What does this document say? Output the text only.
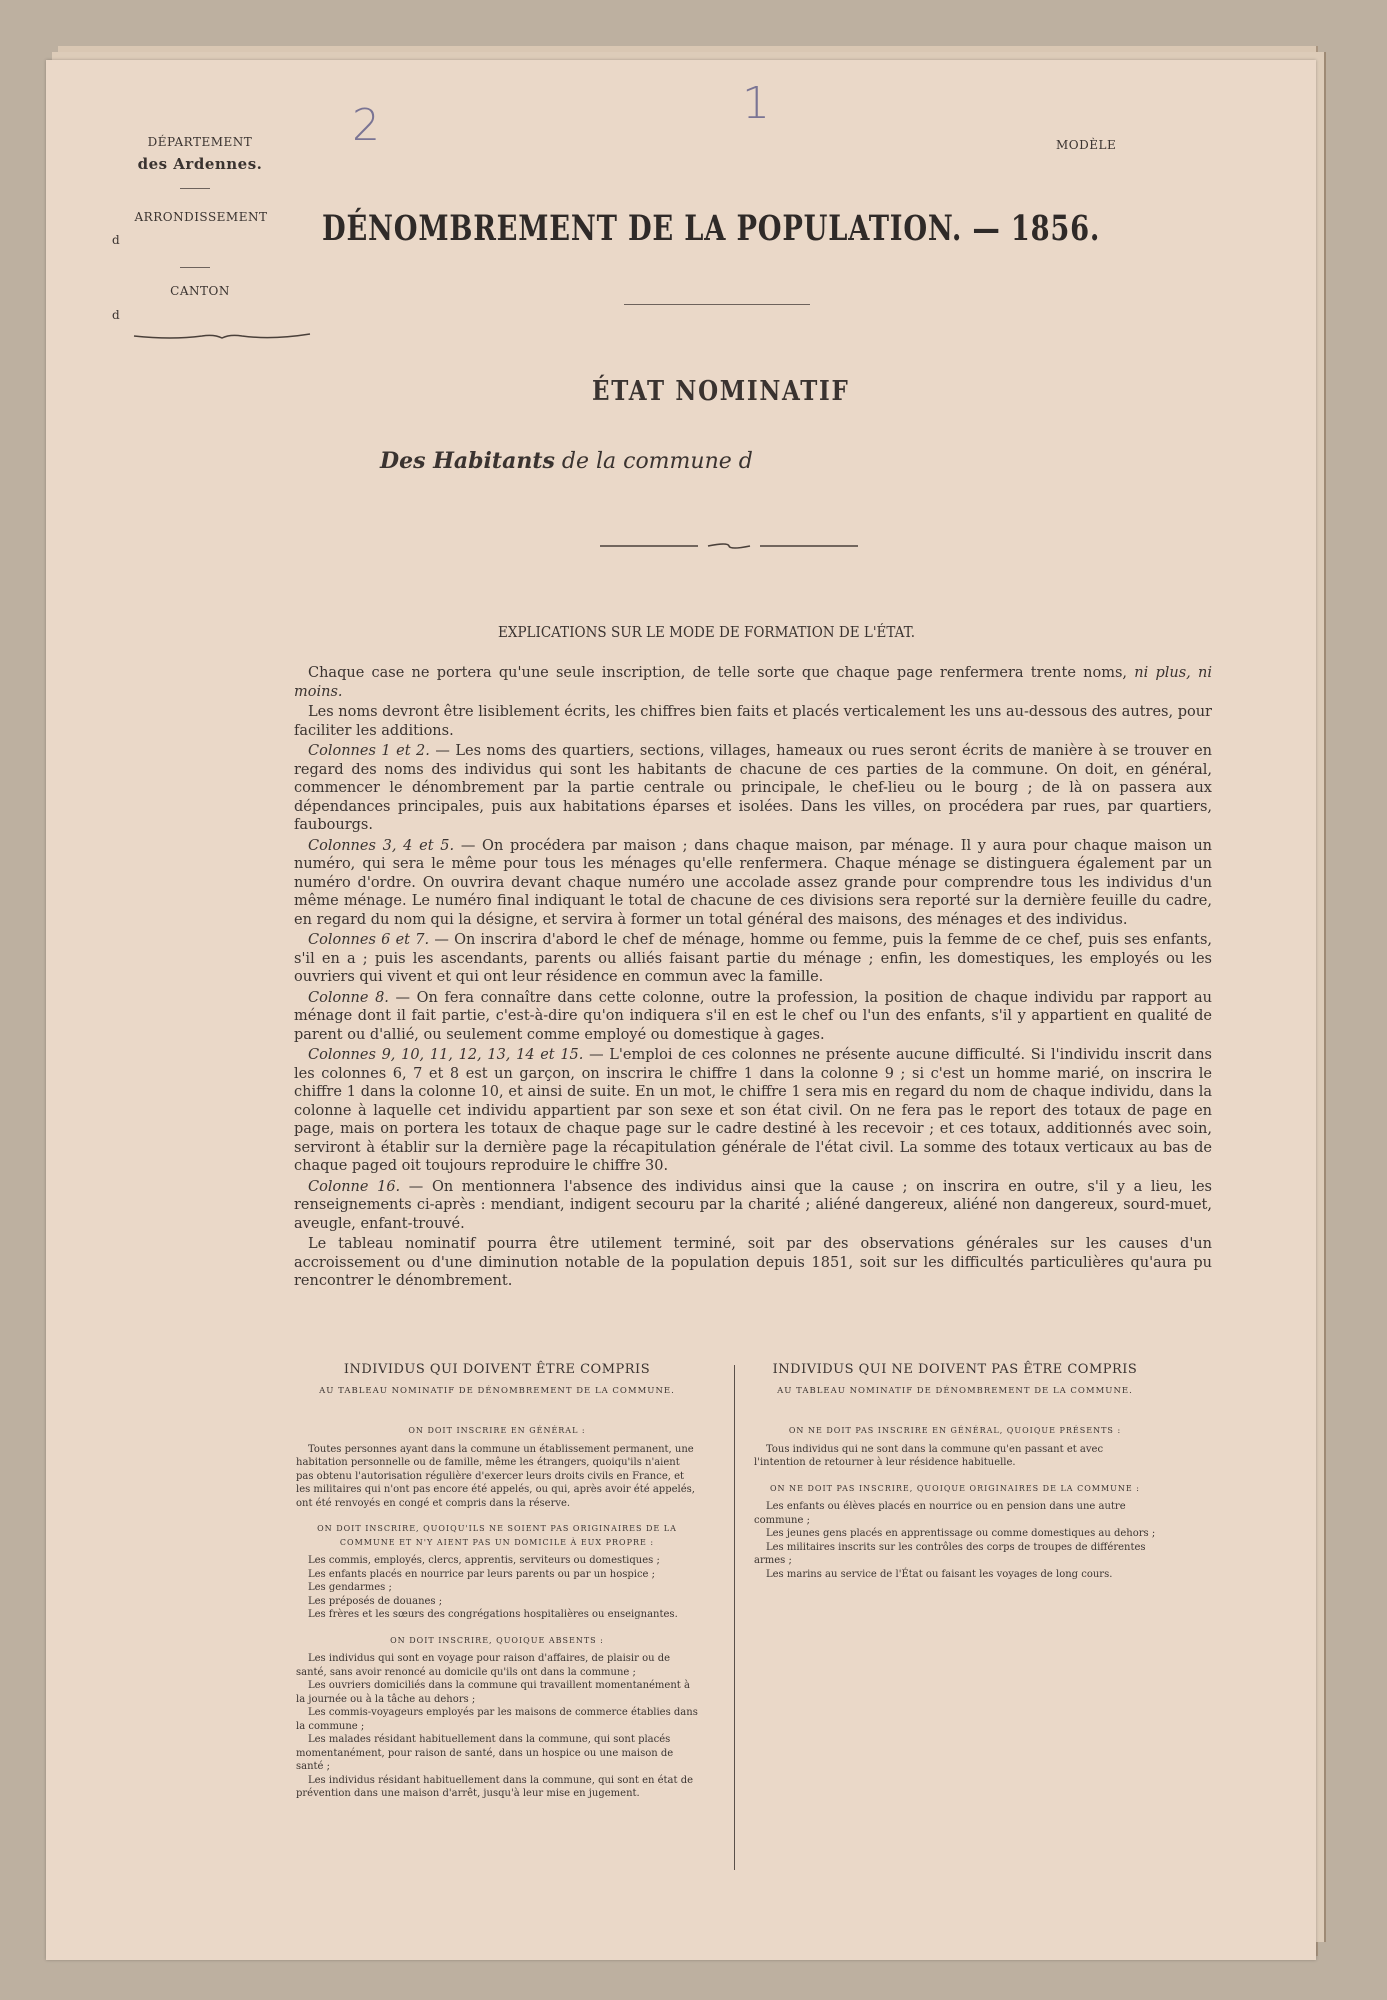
DÉPARTEMENT
des Ardennes.
ARRONDISSEMENT
d
CANTON
d
2	1
MODÈLE
DÉNOMBREMENT DE LA POPULATION. — 1856.
ÉTAT NOMINATIF
Des Habitants de la commune d
EXPLICATIONS SUR LE MODE DE FORMATION DE L'ÉTAT.

Chaque case ne portera qu'une seule inscription, de telle sorte que chaque page renfermera trente noms, ni plus, ni moins.

Les noms devront être lisiblement écrits, les chiffres bien faits et placés verticalement les uns au-dessous des autres, pour faciliter les additions.

Colonnes 1 et 2. — Les noms des quartiers, sections, villages, hameaux ou rues seront écrits de manière à se trouver en regard des noms des individus qui sont les habitants de chacune de ces parties de la commune. On doit, en général, commencer le dénombrement par la partie centrale ou principale, le chef-lieu ou le bourg ; de là on passera aux dépendances principales, puis aux habitations éparses et isolées. Dans les villes, on procédera par rues, par quartiers, faubourgs.

Colonnes 3, 4 et 5. — On procédera par maison ; dans chaque maison, par ménage. Il y aura pour chaque maison un numéro, qui sera le même pour tous les ménages qu'elle renfermera. Chaque ménage se distinguera également par un numéro d'ordre. On ouvrira devant chaque numéro une accolade assez grande pour comprendre tous les individus d'un même ménage. Le numéro final indiquant le total de chacune de ces divisions sera reporté sur la dernière feuille du cadre, en regard du nom qui la désigne, et servira à former un total général des maisons, des ménages et des individus.

Colonnes 6 et 7. — On inscrira d'abord le chef de ménage, homme ou femme, puis la femme de ce chef, puis ses enfants, s'il en a ; puis les ascendants, parents ou alliés faisant partie du ménage ; enfin, les domestiques, les employés ou les ouvriers qui vivent et qui ont leur résidence en commun avec la famille.

Colonne 8. — On fera connaître dans cette colonne, outre la profession, la position de chaque individu par rapport au ménage dont il fait partie, c'est-à-dire qu'on indiquera s'il en est le chef ou l'un des enfants, s'il y appartient en qualité de parent ou d'allié, ou seulement comme employé ou domestique à gages.

Colonnes 9, 10, 11, 12, 13, 14 et 15. — L'emploi de ces colonnes ne présente aucune difficulté. Si l'individu inscrit dans les colonnes 6, 7 et 8 est un garçon, on inscrira le chiffre 1 dans la colonne 9 ; si c'est un homme marié, on inscrira le chiffre 1 dans la colonne 10, et ainsi de suite. En un mot, le chiffre 1 sera mis en regard du nom de chaque individu, dans la colonne à laquelle cet individu appartient par son sexe et son état civil. On ne fera pas le report des totaux de page en page, mais on portera les totaux de chaque page sur le cadre destiné à les recevoir ; et ces totaux, additionnés avec soin, serviront à établir sur la dernière page la récapitulation générale de l'état civil. La somme des totaux verticaux au bas de chaque paged oit toujours reproduire le chiffre 30.

Colonne 16. — On mentionnera l'absence des individus ainsi que la cause ; on inscrira en outre, s'il y a lieu, les renseignements ci-après : mendiant, indigent secouru par la charité ; aliéné dangereux, aliéné non dangereux, sourd-muet, aveugle, enfant-trouvé.

Le tableau nominatif pourra être utilement terminé, soit par des observations générales sur les causes d'un accroissement ou d'une diminution notable de la population depuis 1851, soit sur les difficultés particulières qu'aura pu rencontrer le dénombrement.

INDIVIDUS QUI DOIVENT ÊTRE COMPRIS
AU TABLEAU NOMINATIF DE DÉNOMBREMENT DE LA COMMUNE.
ON DOIT INSCRIRE EN GÉNÉRAL :

Toutes personnes ayant dans la commune un établissement permanent, une habitation personnelle ou de famille, même les étrangers, quoiqu'ils n'aient pas obtenu l'autorisation régulière d'exercer leurs droits civils en France, et les militaires qui n'ont pas encore été appelés, ou qui, après avoir été appelés, ont été renvoyés en congé et compris dans la réserve.

ON DOIT INSCRIRE, QUOIQU'ILS NE SOIENT PAS ORIGINAIRES DE LA COMMUNE ET N'Y AIENT PAS UN DOMICILE À EUX PROPRE :

Les commis, employés, clercs, apprentis, serviteurs ou domestiques ;

Les enfants placés en nourrice par leurs parents ou par un hospice ;

Les gendarmes ;

Les préposés de douanes ;

Les frères et les sœurs des congrégations hospitalières ou enseignantes.

ON DOIT INSCRIRE, QUOIQUE ABSENTS :

Les individus qui sont en voyage pour raison d'affaires, de plaisir ou de santé, sans avoir renoncé au domicile qu'ils ont dans la commune ;

Les ouvriers domiciliés dans la commune qui travaillent momentanément à la journée ou à la tâche au dehors ;

Les commis-voyageurs employés par les maisons de commerce établies dans la commune ;

Les malades résidant habituellement dans la commune, qui sont placés momentanément, pour raison de santé, dans un hospice ou une maison de santé ;

Les individus résidant habituellement dans la commune, qui sont en état de prévention dans une maison d'arrêt, jusqu'à leur mise en jugement.

INDIVIDUS QUI NE DOIVENT PAS ÊTRE COMPRIS
AU TABLEAU NOMINATIF DE DÉNOMBREMENT DE LA COMMUNE.
ON NE DOIT PAS INSCRIRE EN GÉNÉRAL, QUOIQUE PRÉSENTS :

Tous individus qui ne sont dans la commune qu'en passant et avec l'intention de retourner à leur résidence habituelle.

ON NE DOIT PAS INSCRIRE, QUOIQUE ORIGINAIRES DE LA COMMUNE :

Les enfants ou élèves placés en nourrice ou en pension dans une autre commune ;

Les jeunes gens placés en apprentissage ou comme domestiques au dehors ;

Les militaires inscrits sur les contrôles des corps de troupes de différentes armes ;

Les marins au service de l'État ou faisant les voyages de long cours.
